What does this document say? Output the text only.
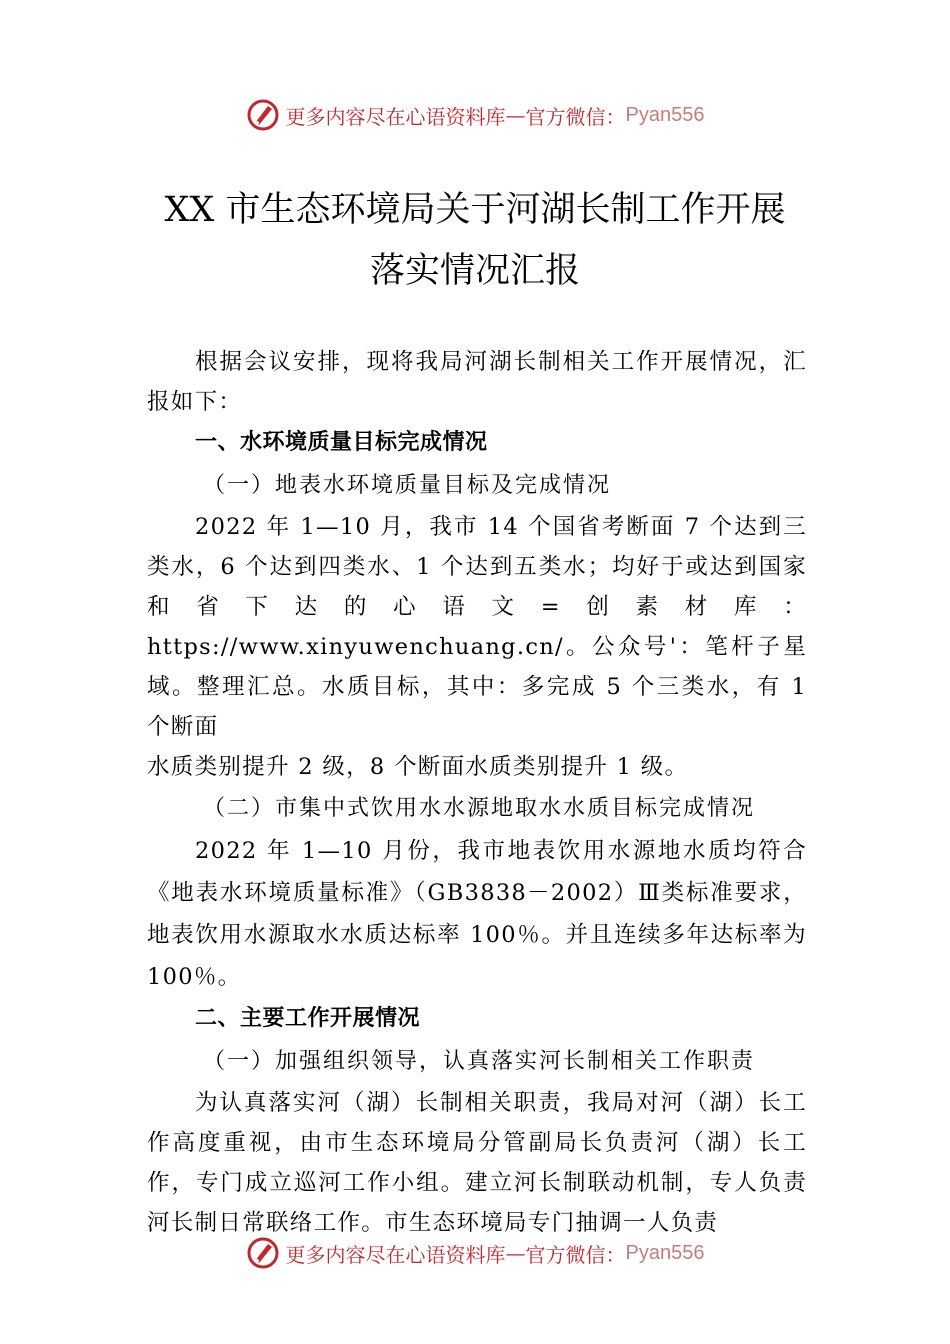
更多内容尽在心语资料库 — 官方微信： Pyan556
XX 市生态环境局关于河湖长制工作开展
落实情况汇报

根据会议安排，现将我局河湖长制相关工作开展情况，汇报如下：

一、水环境质量目标完成情况

（一）地表水环境质量目标及完成情况

2022 年 1—10 月，我市 14 个国省考断面 7 个达到三类水，6 个达到四类水、1 个达到五类水；均好于或达到国家和省下达的心语文=创素材库：https://www.xinyuwenchuang.cn/。公众号'：笔杆子星域。整理汇总。水质目标，其中：多完成 5 个三类水，有 1 个断面

水质类别提升 2 级，8 个断面水质类别提升 1 级。

（二）市集中式饮用水水源地取水水质目标完成情况

2022 年 1—10 月份，我市地表饮用水源地水质均符合《地表水环境质量标准》（GB3838－2002）Ⅲ类标准要求，地表饮用水源取水水质达标率 100％。并且连续多年达标率为 100％。

二、主要工作开展情况

（一）加强组织领导，认真落实河长制相关工作职责

为认真落实河（湖）长制相关职责，我局对河（湖）长工作高度重视，由市生态环境局分管副局长负责河（湖）长工作，专门成立巡河工作小组。建立河长制联动机制，专人负责河长制日常联络工作。市生态环境局专门抽调一人负责

更多内容尽在心语资料库 — 官方微信： Pyan556
